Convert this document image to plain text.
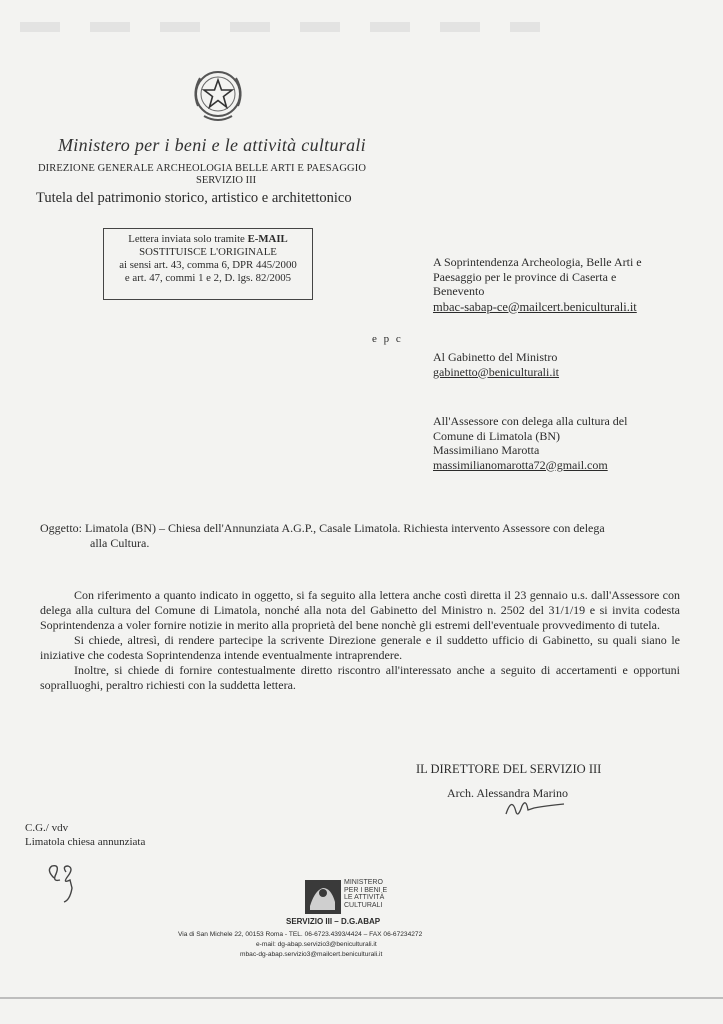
Ministero per i beni e le attività culturali
DIREZIONE GENERALE ARCHEOLOGIA BELLE ARTI E PAESAGGIO
SERVIZIO III
Tutela del patrimonio storico, artistico e architettonico
Lettera inviata solo tramite E-MAIL
SOSTITUISCE L'ORIGINALE
ai sensi art. 43, comma 6, DPR 445/2000
e art. 47, commi 1 e 2, D. lgs. 82/2005
A Soprintendenza Archeologia, Belle Arti e
Paesaggio per le province di Caserta e
Benevento
mbac-sabap-ce@mailcert.beniculturali.it
e p c
Al Gabinetto del Ministro
gabinetto@beniculturali.it
All'Assessore con delega alla cultura del
Comune di Limatola (BN)
Massimiliano Marotta
massimilianomarotta72@gmail.com
Oggetto: Limatola (BN) – Chiesa dell'Annunziata A.G.P., Casale Limatola. Richiesta intervento Assessore con delega
alla Cultura.

Con riferimento a quanto indicato in oggetto, si fa seguito alla lettera anche costì diretta il 23 gennaio u.s. dall'Assessore con delega alla cultura del Comune di Limatola, nonché alla nota del Gabinetto del Ministro n. 2502 del 31/1/19 e si invita codesta Soprintendenza a voler fornire notizie in merito alla proprietà del bene nonchè gli estremi dell'eventuale provvedimento di tutela.

Si chiede, altresì, di rendere partecipe la scrivente Direzione generale e il suddetto ufficio di Gabinetto, su quali siano le iniziative che codesta Soprintendenza intende eventualmente intraprendere.

Inoltre, si chiede di fornire contestualmente diretto riscontro all'interessato anche a seguito di accertamenti e opportuni sopralluoghi, peraltro richiesti con la suddetta lettera.

IL DIRETTORE DEL SERVIZIO III
Arch. Alessandra Marino
C.G./ vdv
Limatola chiesa annunziata
MINISTERO
PER I BENI E
LE ATTIVITÀ
CULTURALI
SERVIZIO III – D.G.ABAP
Via di San Michele 22, 00153 Roma - TEL. 06-6723.4393/4424 – FAX 06-67234272
e-mail: dg-abap.servizio3@beniculturali.it
mbac-dg-abap.servizio3@mailcert.beniculturali.it
